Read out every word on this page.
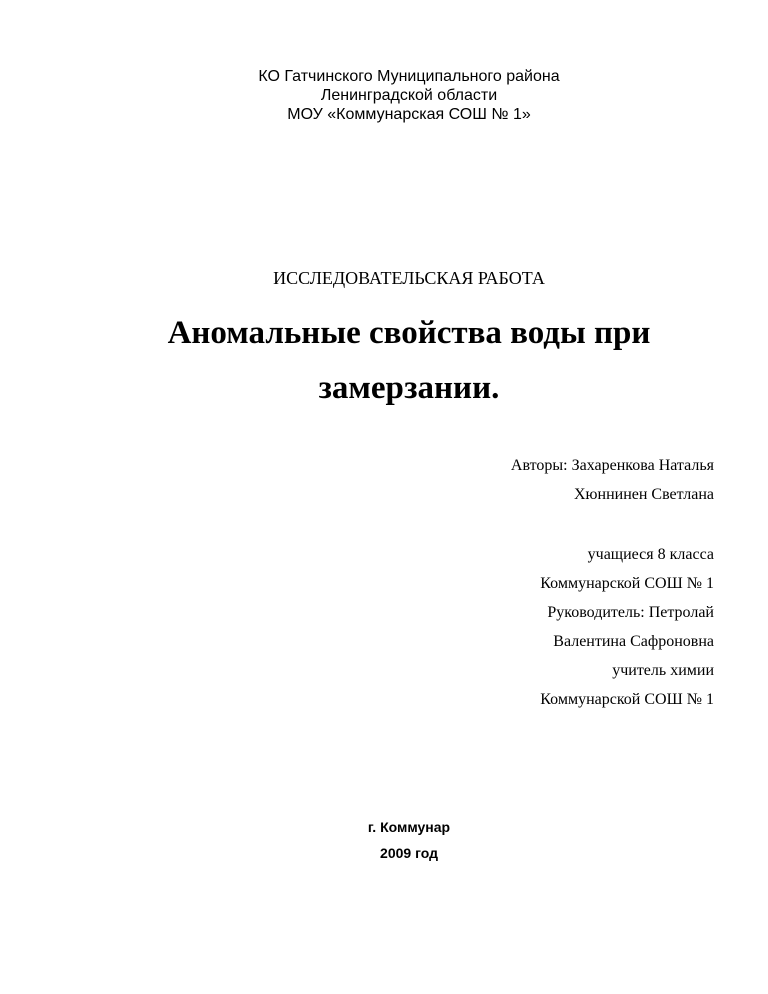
КО Гатчинского Муниципального района
Ленинградской области
МОУ «Коммунарская СОШ № 1»
ИССЛЕДОВАТЕЛЬСКАЯ РАБОТА
Аномальные свойства воды при
замерзании.
Авторы: Захаренкова Наталья
Хюннинен Светлана
учащиеся 8 класса
Коммунарской СОШ № 1
Руководитель: Петролай
Валентина Сафроновна
учитель химии
Коммунарской СОШ № 1
г. Коммунар
2009 год
